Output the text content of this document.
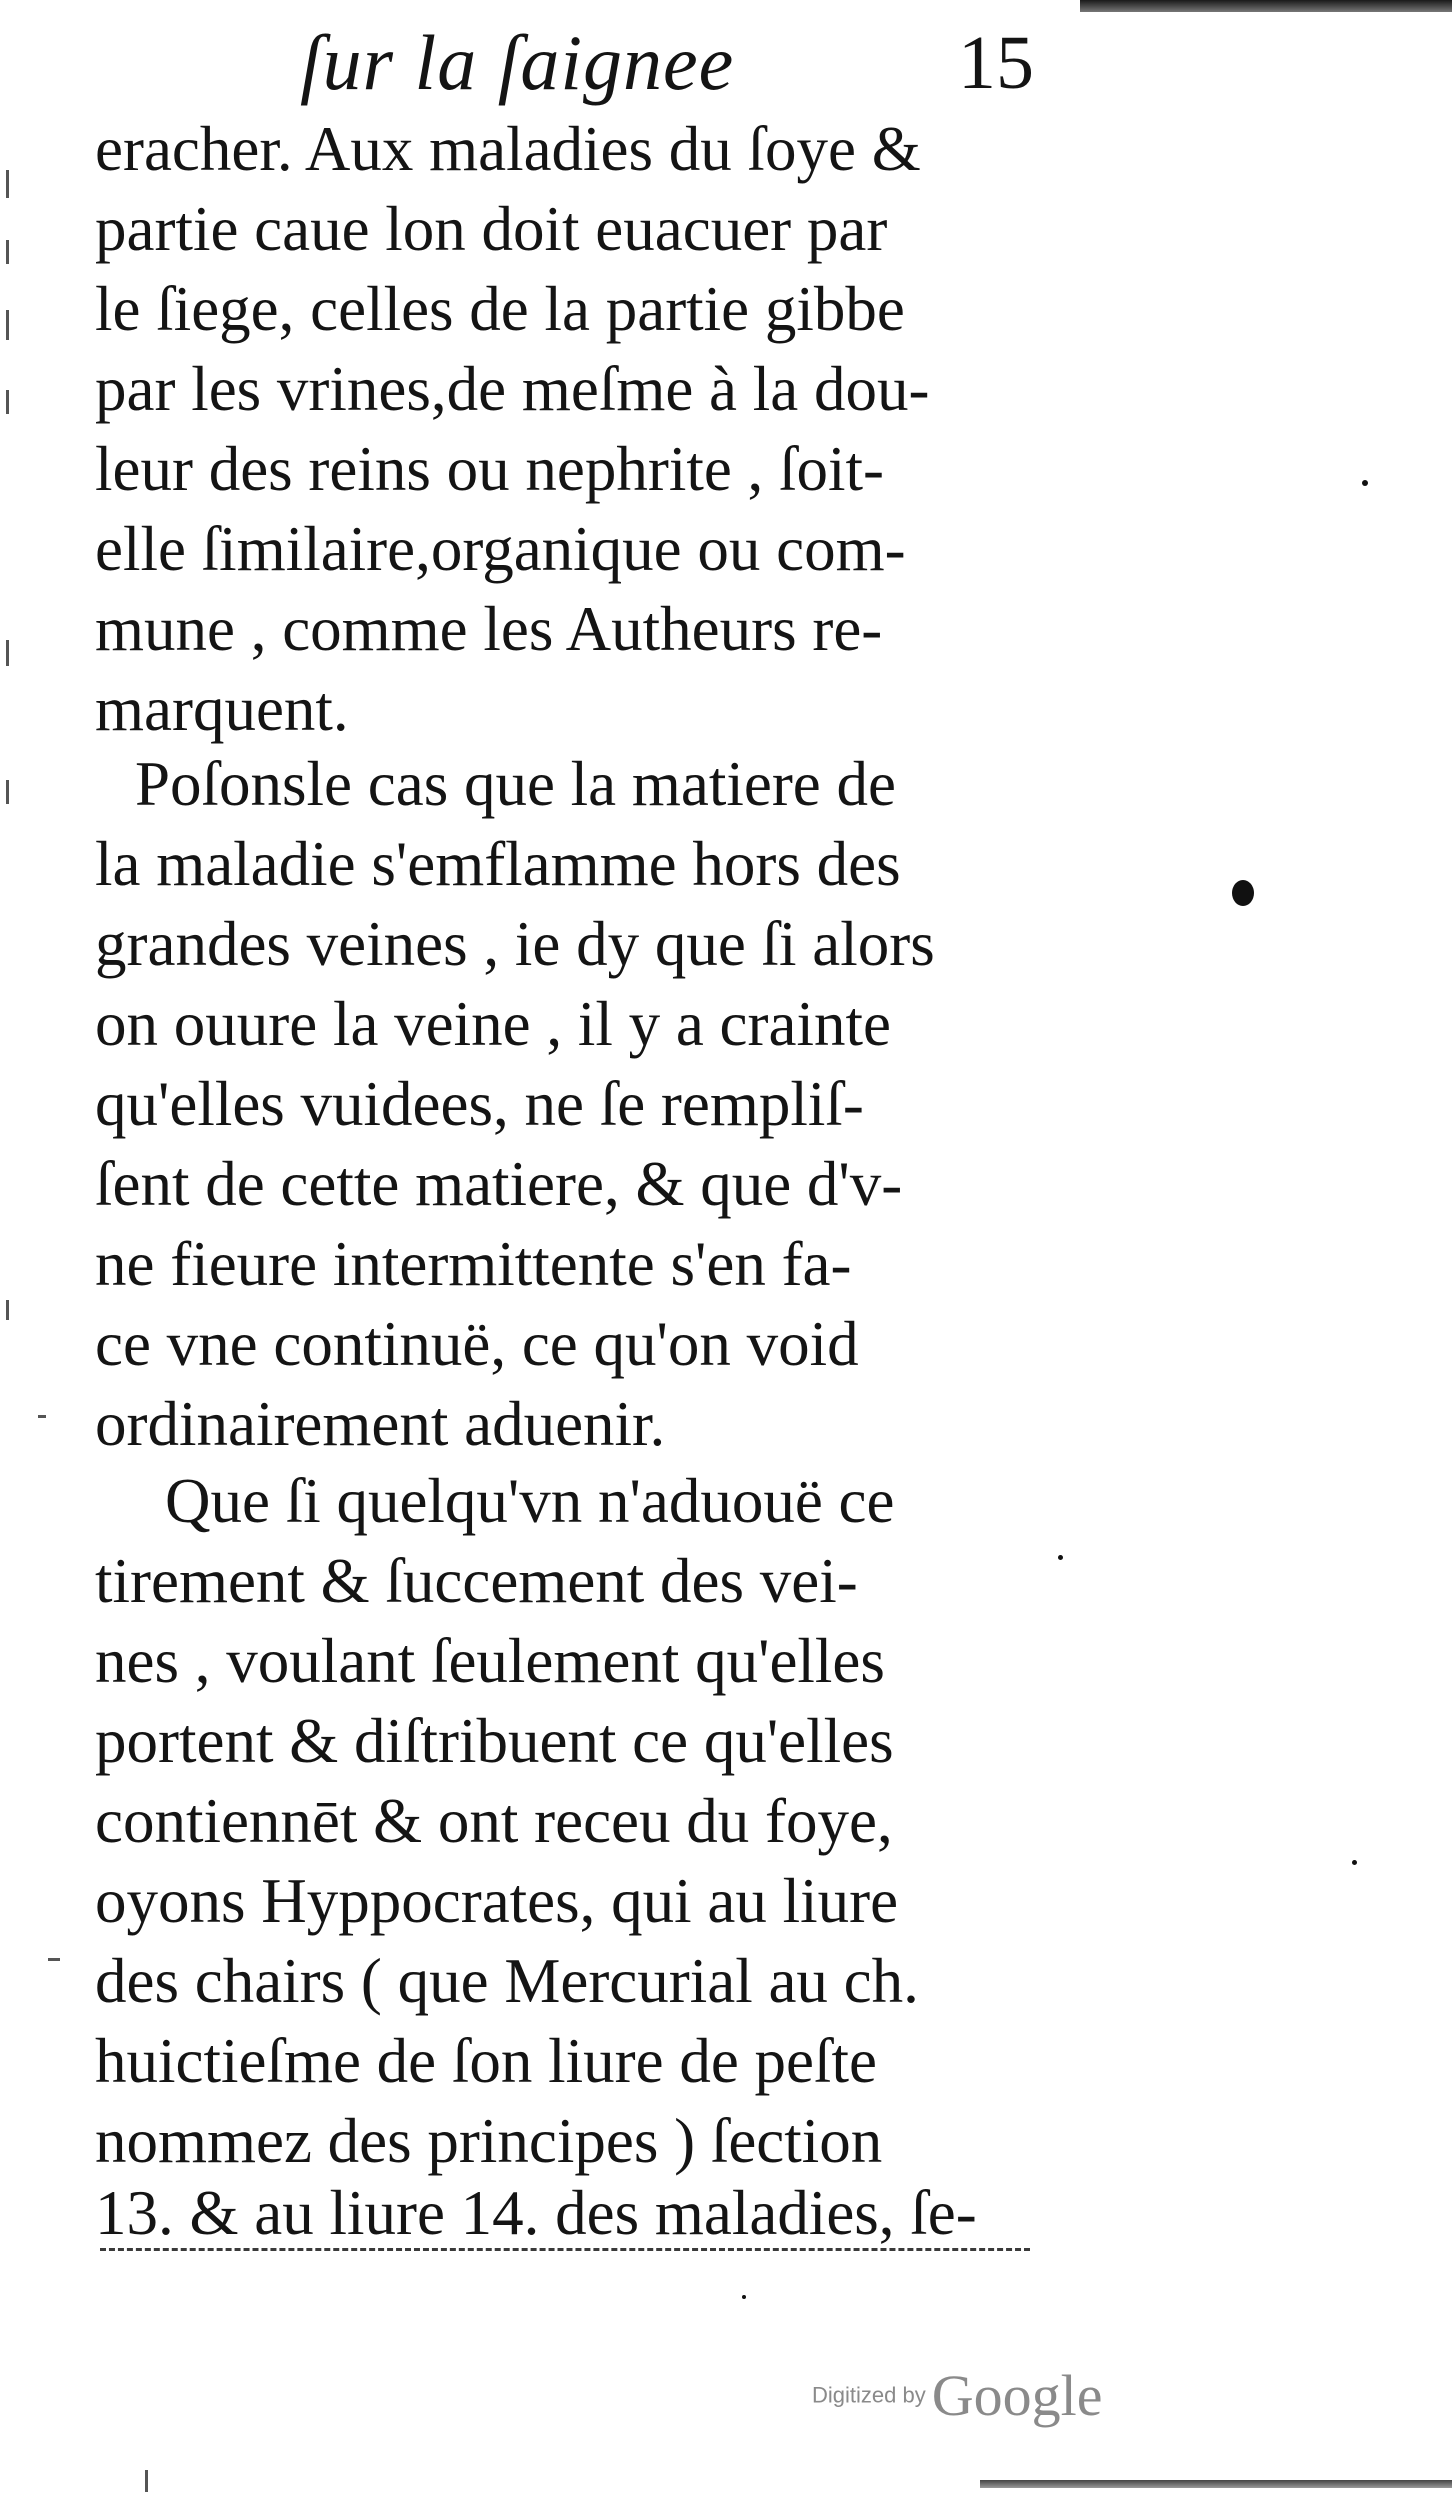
ſur la ſaignee	15
eracher. Aux maladies du ſoye &
partie caue lon doit euacuer par
le ſiege, celles de la partie gibbe
par les vrines,de meſme à la dou-
leur des reins ou nephrite , ſoit-
elle ſimilaire,organique ou com-
mune , comme les Autheurs re-
marquent.
Poſonsle cas que la matiere de
la maladie s'emflamme hors des
grandes veines , ie dy que ſi alors
on ouure la veine , il y a crainte
qu'elles vuidees, ne ſe rempliſ-
ſent de cette matiere, & que d'v-
ne fieure intermittente s'en fa-
ce vne continuë, ce qu'on void
ordinairement aduenir.
Que ſi quelqu'vn n'aduouë ce
tirement & ſuccement des vei-
nes , voulant ſeulement qu'elles
portent & diſtribuent ce qu'elles
contiennēt & ont receu du foye,
oyons Hyppocrates, qui au liure
des chairs ( que Mercurial au ch.
huictieſme de ſon liure de peſte
nommez des principes ) ſection
13. & au liure 14. des maladies, ſe-
Digitized by Google
